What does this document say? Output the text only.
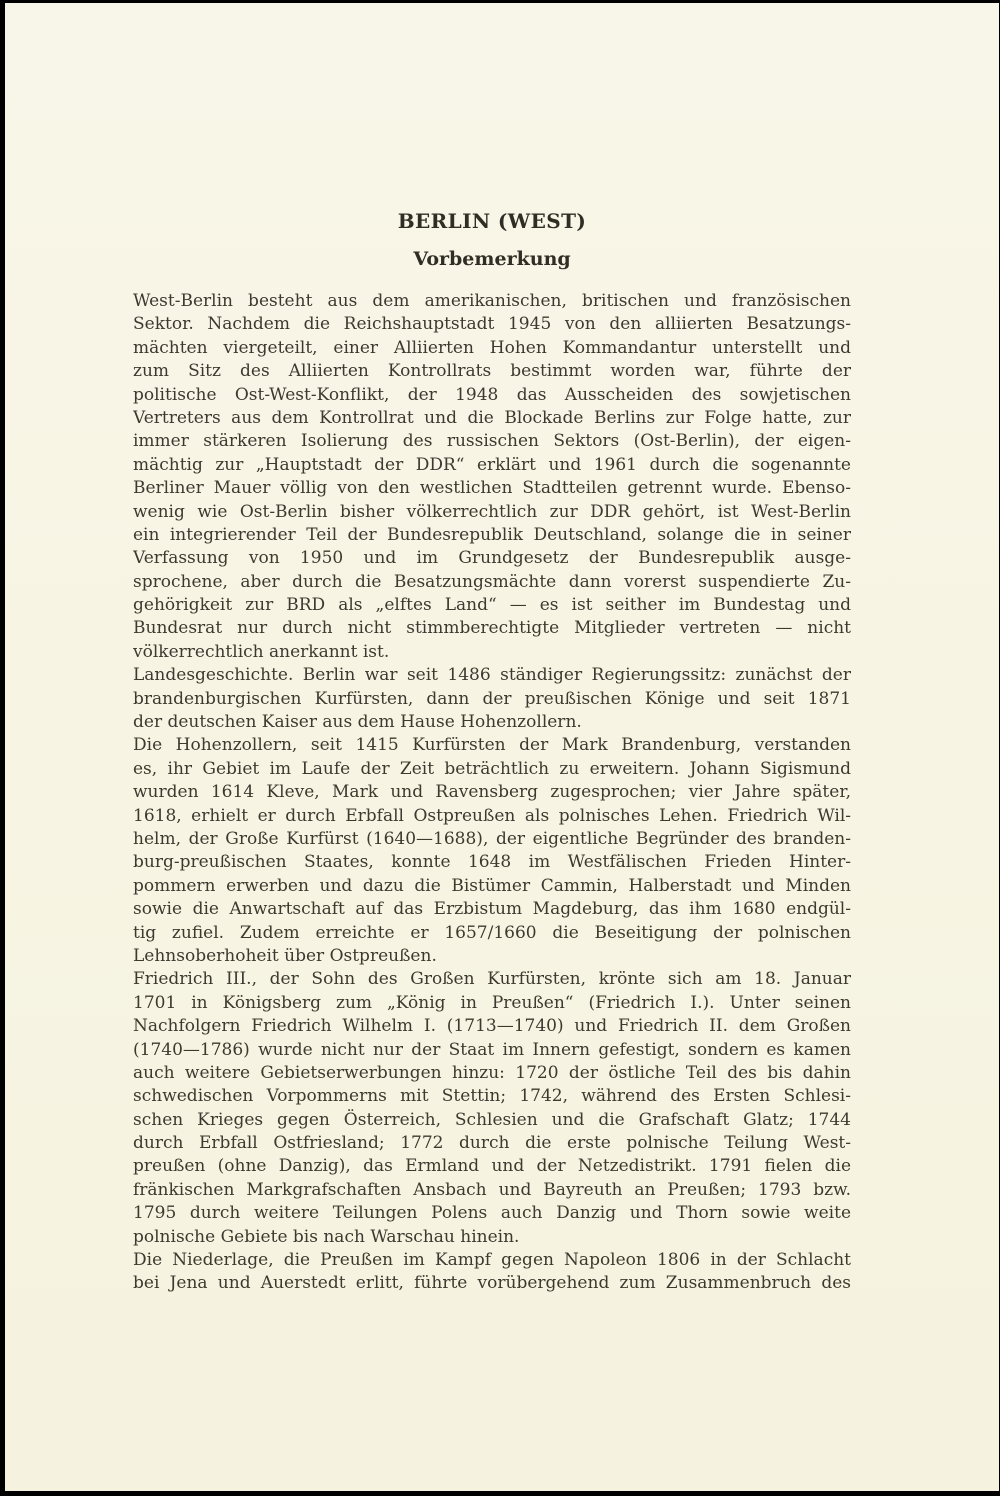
BERLIN (WEST)
Vorbemerkung
West-Berlin besteht aus dem amerikanischen, britischen und französischen
Sektor. Nachdem die Reichshauptstadt 1945 von den alliierten Besatzungs-
mächten viergeteilt, einer Alliierten Hohen Kommandantur unterstellt und
zum Sitz des Alliierten Kontrollrats bestimmt worden war, führte der
politische Ost-West-Konflikt, der 1948 das Ausscheiden des sowjetischen
Vertreters aus dem Kontrollrat und die Blockade Berlins zur Folge hatte, zur
immer stärkeren Isolierung des russischen Sektors (Ost-Berlin), der eigen-
mächtig zur „Hauptstadt der DDR“ erklärt und 1961 durch die sogenannte
Berliner Mauer völlig von den westlichen Stadtteilen getrennt wurde. Ebenso-
wenig wie Ost-Berlin bisher völkerrechtlich zur DDR gehört, ist West-Berlin
ein integrierender Teil der Bundesrepublik Deutschland, solange die in seiner
Verfassung von 1950 und im Grundgesetz der Bundesrepublik ausge-
sprochene, aber durch die Besatzungsmächte dann vorerst suspendierte Zu-
gehörigkeit zur BRD als „elftes Land“ — es ist seither im Bundestag und
Bundesrat nur durch nicht stimmberechtigte Mitglieder vertreten — nicht
völkerrechtlich anerkannt ist.
Landesgeschichte. Berlin war seit 1486 ständiger Regierungssitz: zunächst der
brandenburgischen Kurfürsten, dann der preußischen Könige und seit 1871
der deutschen Kaiser aus dem Hause Hohenzollern.
Die Hohenzollern, seit 1415 Kurfürsten der Mark Brandenburg, verstanden
es, ihr Gebiet im Laufe der Zeit beträchtlich zu erweitern. Johann Sigismund
wurden 1614 Kleve, Mark und Ravensberg zugesprochen; vier Jahre später,
1618, erhielt er durch Erbfall Ostpreußen als polnisches Lehen. Friedrich Wil-
helm, der Große Kurfürst (1640—1688), der eigentliche Begründer des branden-
burg-preußischen Staates, konnte 1648 im Westfälischen Frieden Hinter-
pommern erwerben und dazu die Bistümer Cammin, Halberstadt und Minden
sowie die Anwartschaft auf das Erzbistum Magdeburg, das ihm 1680 endgül-
tig zufiel. Zudem erreichte er 1657/1660 die Beseitigung der polnischen
Lehnsoberhoheit über Ostpreußen.
Friedrich III., der Sohn des Großen Kurfürsten, krönte sich am 18. Januar
1701 in Königsberg zum „König in Preußen“ (Friedrich I.). Unter seinen
Nachfolgern Friedrich Wilhelm I. (1713—1740) und Friedrich II. dem Großen
(1740—1786) wurde nicht nur der Staat im Innern gefestigt, sondern es kamen
auch weitere Gebietserwerbungen hinzu: 1720 der östliche Teil des bis dahin
schwedischen Vorpommerns mit Stettin; 1742, während des Ersten Schlesi-
schen Krieges gegen Österreich, Schlesien und die Grafschaft Glatz; 1744
durch Erbfall Ostfriesland; 1772 durch die erste polnische Teilung West-
preußen (ohne Danzig), das Ermland und der Netzedistrikt. 1791 fielen die
fränkischen Markgrafschaften Ansbach und Bayreuth an Preußen; 1793 bzw.
1795 durch weitere Teilungen Polens auch Danzig und Thorn sowie weite
polnische Gebiete bis nach Warschau hinein.
Die Niederlage, die Preußen im Kampf gegen Napoleon 1806 in der Schlacht
bei Jena und Auerstedt erlitt, führte vorübergehend zum Zusammenbruch des
